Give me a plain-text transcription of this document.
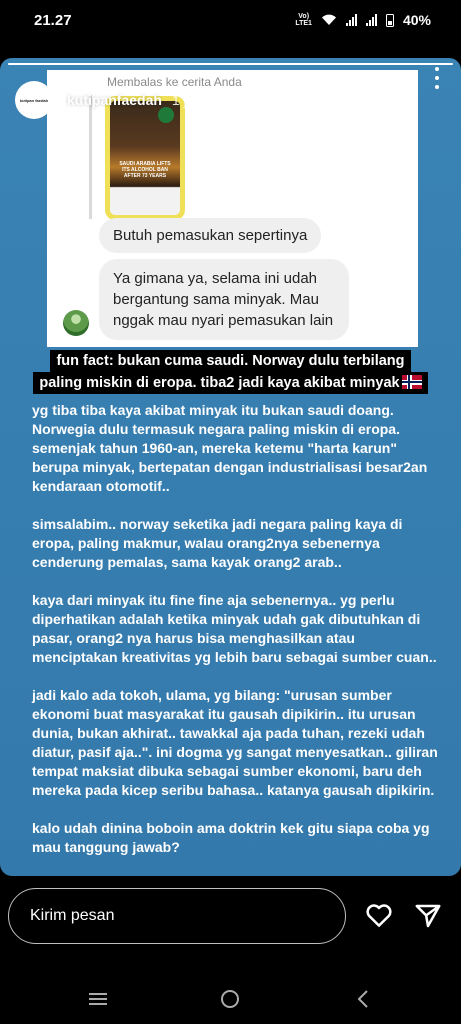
21.27	Vo)
LTE1	40%
Membalas ke cerita Anda
SAUDI ARABIA LIFTS ITS ALCOHOL BAN AFTER 73 YEARS
Butuh pemasukan sepertinya
Ya gimana ya, selama ini udah bergantung sama minyak. Mau nggak mau nyari pemasukan lain
kutipan faedah	kutipanfaedah 1 jam
fun fact: bukan cuma saudi. Norway dulu terbilang
paling miskin di eropa. tiba2 jadi kaya akibat minyak

yg tiba tiba kaya akibat minyak itu bukan saudi doang.
Norwegia dulu termasuk negara paling miskin di eropa.
semenjak tahun 1960-an, mereka ketemu "harta karun"
berupa minyak, bertepatan dengan industrialisasi besar2an
kendaraan otomotif..

simsalabim.. norway seketika jadi negara paling kaya di
eropa, paling makmur, walau orang2nya sebenernya
cenderung pemalas, sama kayak orang2 arab..

kaya dari minyak itu fine fine aja sebenernya.. yg perlu
diperhatikan adalah ketika minyak udah gak dibutuhkan di
pasar, orang2 nya harus bisa menghasilkan atau
menciptakan kreativitas yg lebih baru sebagai sumber cuan..

jadi kalo ada tokoh, ulama, yg bilang: "urusan sumber
ekonomi buat masyarakat itu gausah dipikirin.. itu urusan
dunia, bukan akhirat.. tawakkal aja pada tuhan, rezeki udah
diatur, pasif aja..". ini dogma yg sangat menyesatkan.. giliran
tempat maksiat dibuka sebagai sumber ekonomi, baru deh
mereka pada kicep seribu bahasa.. katanya gausah dipikirin.

kalo udah dinina boboin ama doktrin kek gitu siapa coba yg
mau tanggung jawab?

Kirim pesan
